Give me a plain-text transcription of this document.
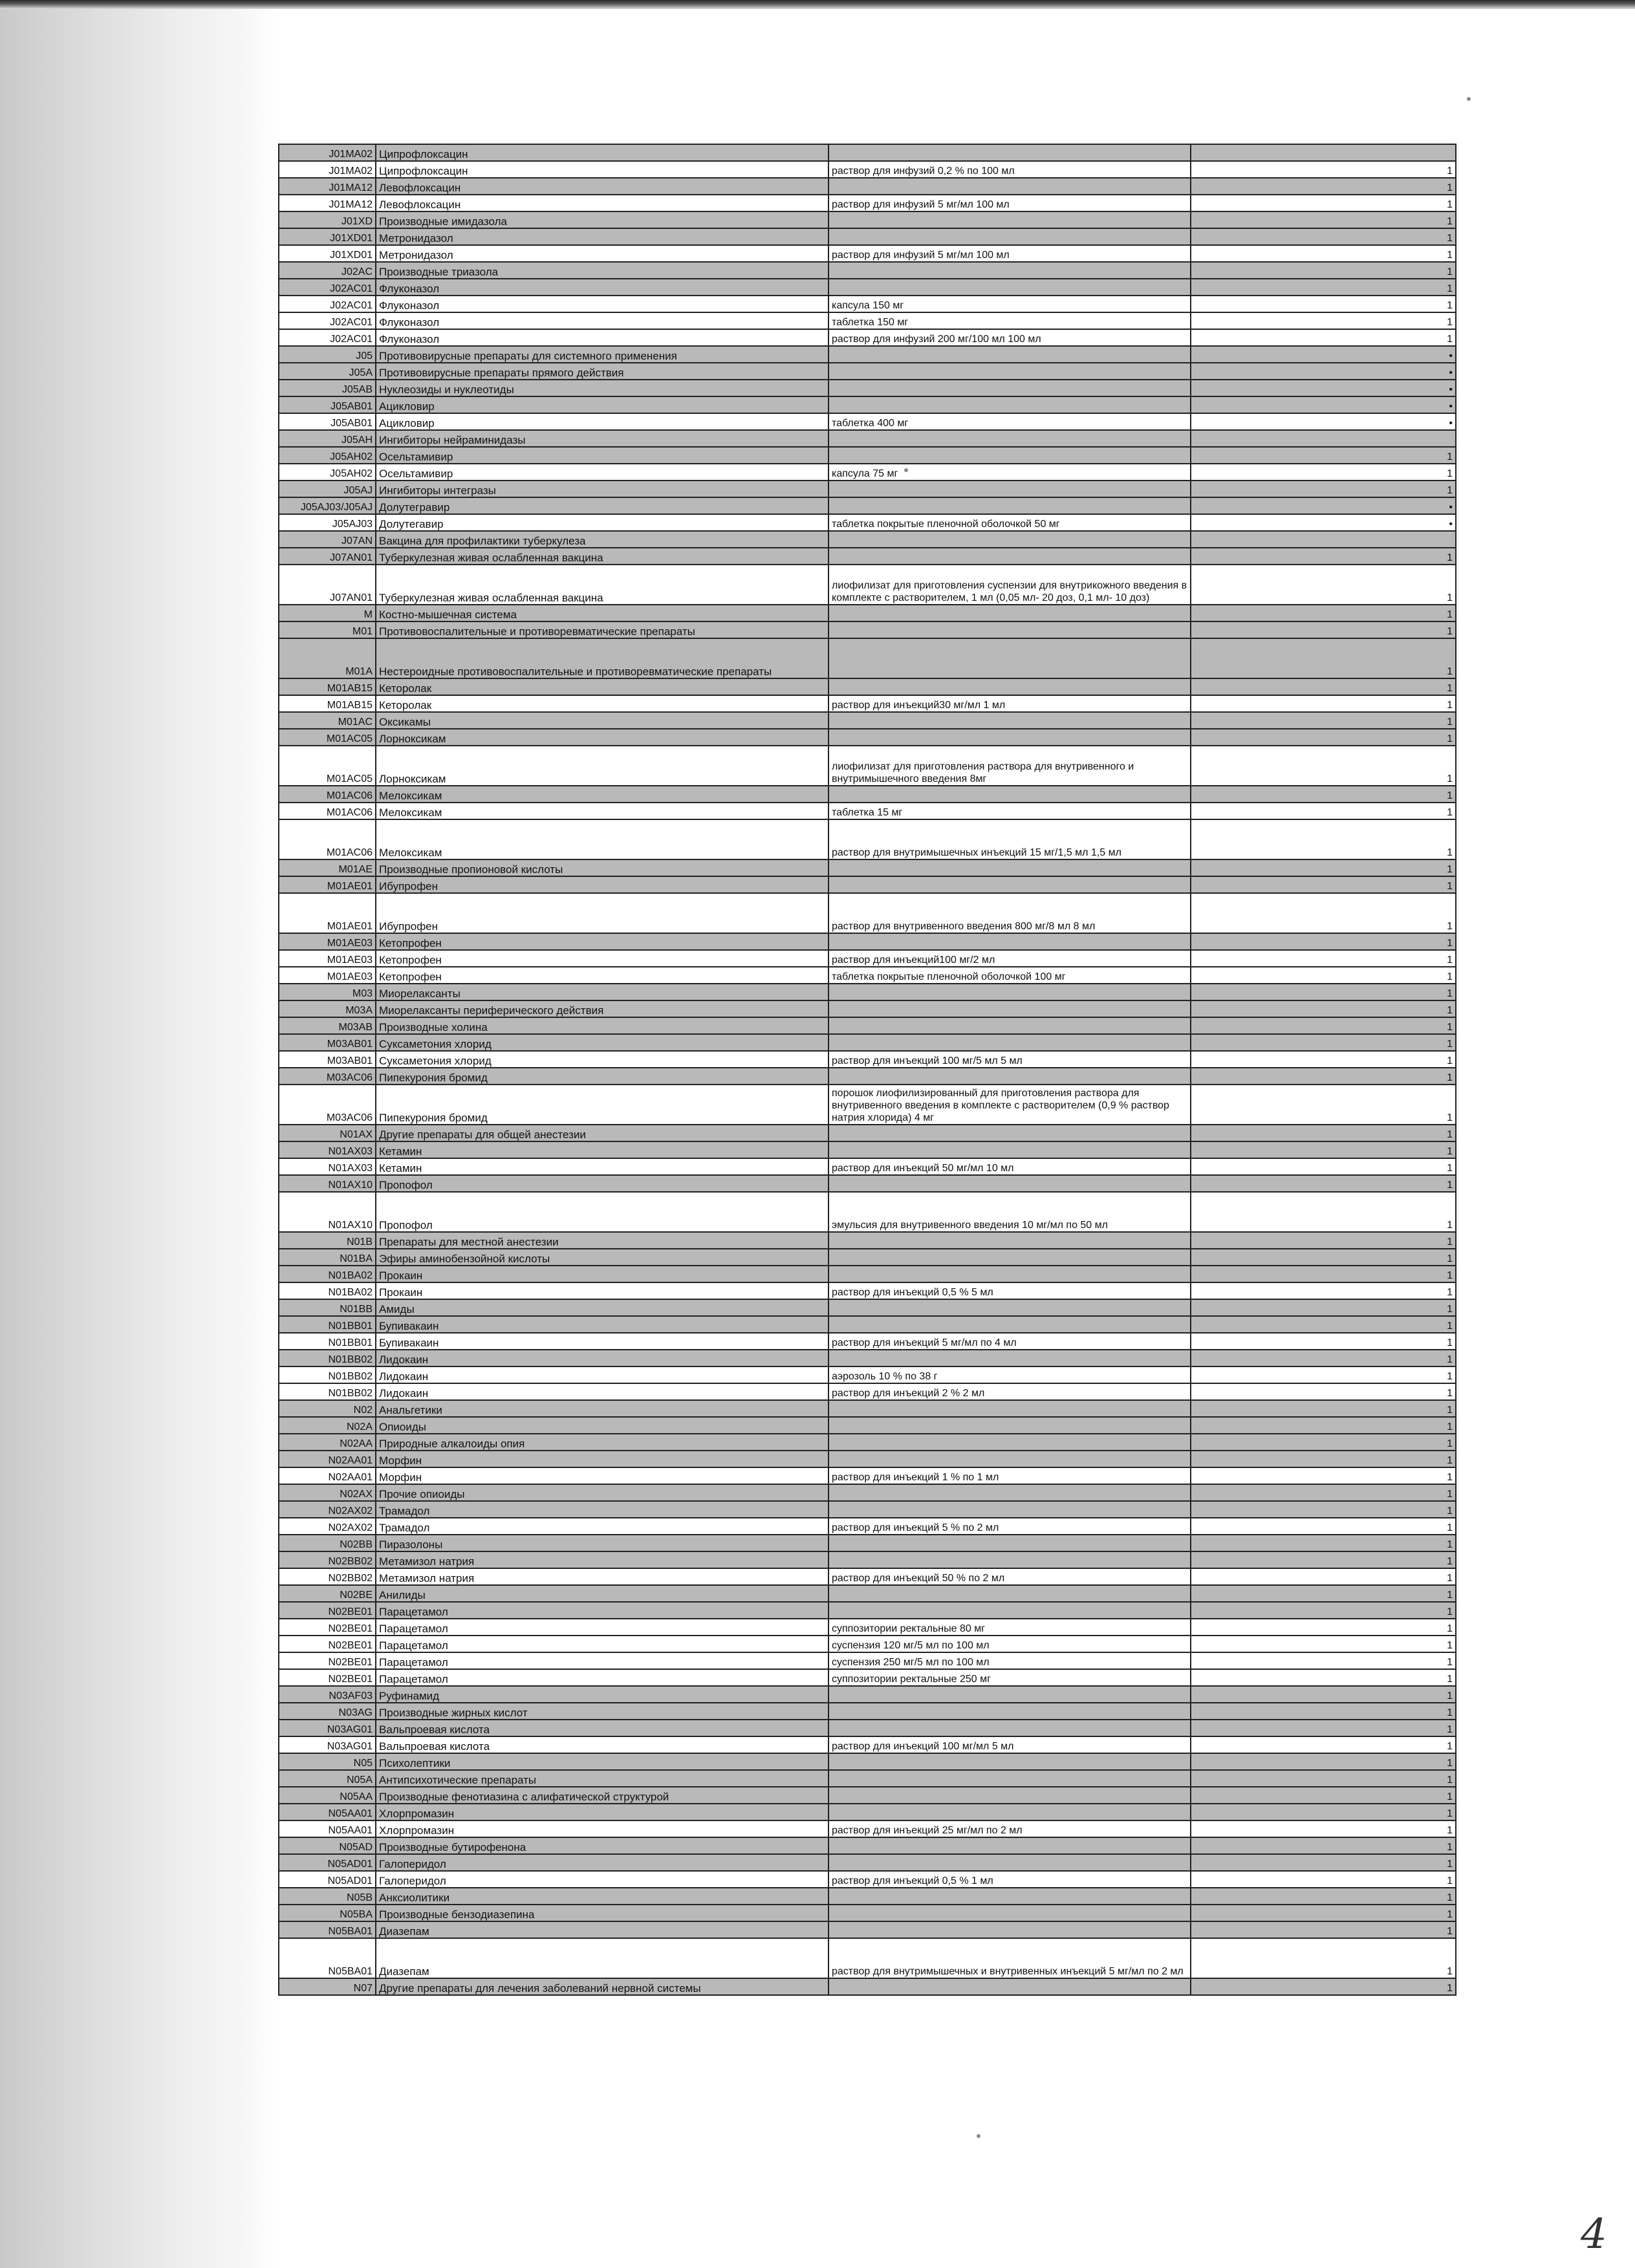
J01MA02	Ципрофлоксацин		
J01MA02	Ципрофлоксацин	раствор для инфузий 0,2 % по 100 мл	1
J01MA12	Левофлоксацин		1
J01MA12	Левофлоксацин	раствор для инфузий 5 мг/мл 100 мл	1
J01XD	Производные имидазола		1
J01XD01	Метронидазол		1
J01XD01	Метронидазол	раствор для инфузий 5 мг/мл 100 мл	1
J02AC	Производные триазола		1
J02AC01	Флуконазол		1
J02AC01	Флуконазол	капсула 150 мг	1
J02AC01	Флуконазол	таблетка 150 мг	1
J02AC01	Флуконазол	раствор для инфузий 200 мг/100 мл 100 мл	1
J05	Противовирусные препараты для системного применения		•
J05A	Противовирусные препараты прямого действия		•
J05AB	Нуклеозиды и нуклеотиды		•
J05AB01	Ацикловир		•
J05AB01	Ацикловир	таблетка 400 мг	•
J05AH	Ингибиторы нейраминидазы		
J05AH02	Осельтамивир		1
J05AH02	Осельтамивир	капсула 75 мг	1
J05AJ	Ингибиторы интегразы		1
J05AJ03/J05AJ	Долутегравир		•
J05AJ03	Долутегавир	таблетка покрытые пленочной оболочкой 50 мг	•
J07AN	Вакцина для профилактики туберкулеза		
J07AN01	Туберкулезная живая ослабленная вакцина		1
J07AN01	Туберкулезная живая ослабленная вакцина	лиофилизат для приготовления суспензии для внутрикожного введения в комплекте с растворителем, 1 мл (0,05 мл- 20 доз, 0,1 мл- 10 доз)	1
M	Костно-мышечная система		1
M01	Противовоспалительные и противоревматические препараты		1
M01A	Нестероидные противовоспалительные и противоревматические препараты		1
M01AB15	Кеторолак		1
M01AB15	Кеторолак	раствор для инъекций30 мг/мл 1 мл	1
M01AC	Оксикамы		1
M01AC05	Лорноксикам		1
M01AC05	Лорноксикам	лиофилизат для приготовления раствора для внутривенного и внутримышечного введения 8мг	1
M01AC06	Мелоксикам		1
M01AC06	Мелоксикам	таблетка 15 мг	1
M01AC06	Мелоксикам	раствор для внутримышечных инъекций 15 мг/1,5 мл 1,5 мл	1
M01AE	Производные пропионовой кислоты		1
M01AE01	Ибупрофен		1
M01AE01	Ибупрофен	раствор для внутривенного введения 800 мг/8 мл 8 мл	1
M01AE03	Кетопрофен		1
M01AE03	Кетопрофен	раствор для инъекций100 мг/2 мл	1
M01AE03	Кетопрофен	таблетка покрытые пленочной оболочкой 100 мг	1
M03	Миорелаксанты		1
M03A	Миорелаксанты периферического действия		1
M03AB	Производные холина		1
M03AB01	Суксаметония хлорид		1
M03AB01	Суксаметония хлорид	раствор для инъекций 100 мг/5 мл 5 мл	1
M03AC06	Пипекурония бромид		1
M03AC06	Пипекурония бромид	порошок лиофилизированный для приготовления раствора для внутривенного введения в комплекте с растворителем (0,9 % раствор натрия хлорида) 4 мг	1
N01AX	Другие препараты для общей анестезии		1
N01AX03	Кетамин		1
N01AX03	Кетамин	раствор для инъекций 50 мг/мл 10 мл	1
N01AX10	Пропофол		1
N01AX10	Пропофол	эмульсия для внутривенного введения 10 мг/мл по 50 мл	1
N01B	Препараты для местной анестезии		1
N01BA	Эфиры аминобензойной кислоты		1
N01BA02	Прокаин		1
N01BA02	Прокаин	раствор для инъекций 0,5 % 5 мл	1
N01BB	Амиды		1
N01BB01	Бупивакаин		1
N01BB01	Бупивакаин	раствор для инъекций 5 мг/мл по 4 мл	1
N01BB02	Лидокаин		1
N01BB02	Лидокаин	аэрозоль 10 % по 38 г	1
N01BB02	Лидокаин	раствор для инъекций 2 % 2 мл	1
N02	Анальгетики		1
N02A	Опиоиды		1
N02AA	Природные алкалоиды опия		1
N02AA01	Морфин		1
N02AA01	Морфин	раствор для инъекций 1 % по 1 мл	1
N02AX	Прочие опиоиды		1
N02AX02	Трамадол		1
N02AX02	Трамадол	раствор для инъекций 5 % по 2 мл	1
N02BB	Пиразолоны		1
N02BB02	Метамизол натрия		1
N02BB02	Метамизол натрия	раствор для инъекций 50 % по 2 мл	1
N02BE	Анилиды		1
N02BE01	Парацетамол		1
N02BE01	Парацетамол	суппозитории ректальные 80 мг	1
N02BE01	Парацетамол	суспензия 120 мг/5 мл по 100 мл	1
N02BE01	Парацетамол	суспензия 250 мг/5 мл по 100 мл	1
N02BE01	Парацетамол	суппозитории ректальные 250 мг	1
N03AF03	Руфинамид		1
N03AG	Производные жирных кислот		1
N03AG01	Вальпроевая кислота		1
N03AG01	Вальпроевая кислота	раствор для инъекций 100 мг/мл 5 мл	1
N05	Психолептики		1
N05A	Антипсихотические препараты		1
N05AA	Производные фенотиазина с алифатической структурой		1
N05AA01	Хлорпромазин		1
N05AA01	Хлорпромазин	раствор для инъекций 25 мг/мл по 2 мл	1
N05AD	Производные бутирофенона		1
N05AD01	Галоперидол		1
N05AD01	Галоперидол	раствор для инъекций 0,5 % 1 мл	1
N05B	Анксиолитики		1
N05BA	Производные бензодиазепина		1
N05BA01	Диазепам		1
N05BA01	Диазепам	раствор для внутримышечных и внутривенных инъекций 5 мг/мл по 2 мл	1
N07	Другие препараты для лечения заболеваний нервной системы		1
4
